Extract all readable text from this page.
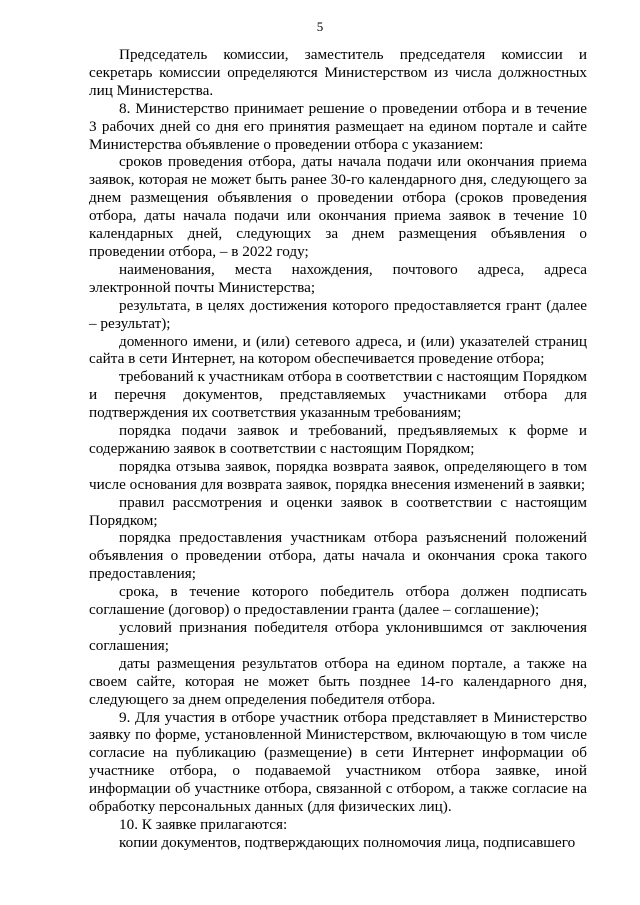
5

Председатель комиссии, заместитель председателя комиссии и секретарь комиссии определяются Министерством из числа должностных лиц Министерства.

8. Министерство принимает решение о проведении отбора и в течение 3 рабочих дней со дня его принятия размещает на едином портале и сайте Министерства объявление о проведении отбора с указанием:

сроков проведения отбора, даты начала подачи или окончания приема заявок, которая не может быть ранее 30-го календарного дня, следующего за днем размещения объявления о проведении отбора (сроков проведения отбора, даты начала подачи или окончания приема заявок в течение 10 календарных дней, следующих за днем размещения объявления о проведении отбора, – в 2022 году;

наименования, места нахождения, почтового адреса, адреса электронной почты Министерства;

результата, в целях достижения которого предоставляется грант (далее – результат);

доменного имени, и (или) сетевого адреса, и (или) указателей страниц сайта в сети Интернет, на котором обеспечивается проведение отбора;

требований к участникам отбора в соответствии с настоящим Порядком и перечня документов, представляемых участниками отбора для подтверждения их соответствия указанным требованиям;

порядка подачи заявок и требований, предъявляемых к форме и содержанию заявок в соответствии с настоящим Порядком;

порядка отзыва заявок, порядка возврата заявок, определяющего в том числе основания для возврата заявок, порядка внесения изменений в заявки;

правил рассмотрения и оценки заявок в соответствии с настоящим Порядком;

порядка предоставления участникам отбора разъяснений положений объявления о проведении отбора, даты начала и окончания срока такого предоставления;

срока, в течение которого победитель отбора должен подписать соглашение (договор) о предоставлении гранта (далее – соглашение);

условий признания победителя отбора уклонившимся от заключения соглашения;

даты размещения результатов отбора на едином портале, а также на своем сайте, которая не может быть позднее 14-го календарного дня, следующего за днем определения победителя отбора.

9. Для участия в отборе участник отбора представляет в Министерство заявку по форме, установленной Министерством, включающую в том числе согласие на публикацию (размещение) в сети Интернет информации об участнике отбора, о подаваемой участником отбора заявке, иной информации об участнике отбора, связанной с отбором, а также согласие на обработку персональных данных (для физических лиц).

10. К заявке прилагаются:

копии документов, подтверждающих полномочия лица, подписавшего
